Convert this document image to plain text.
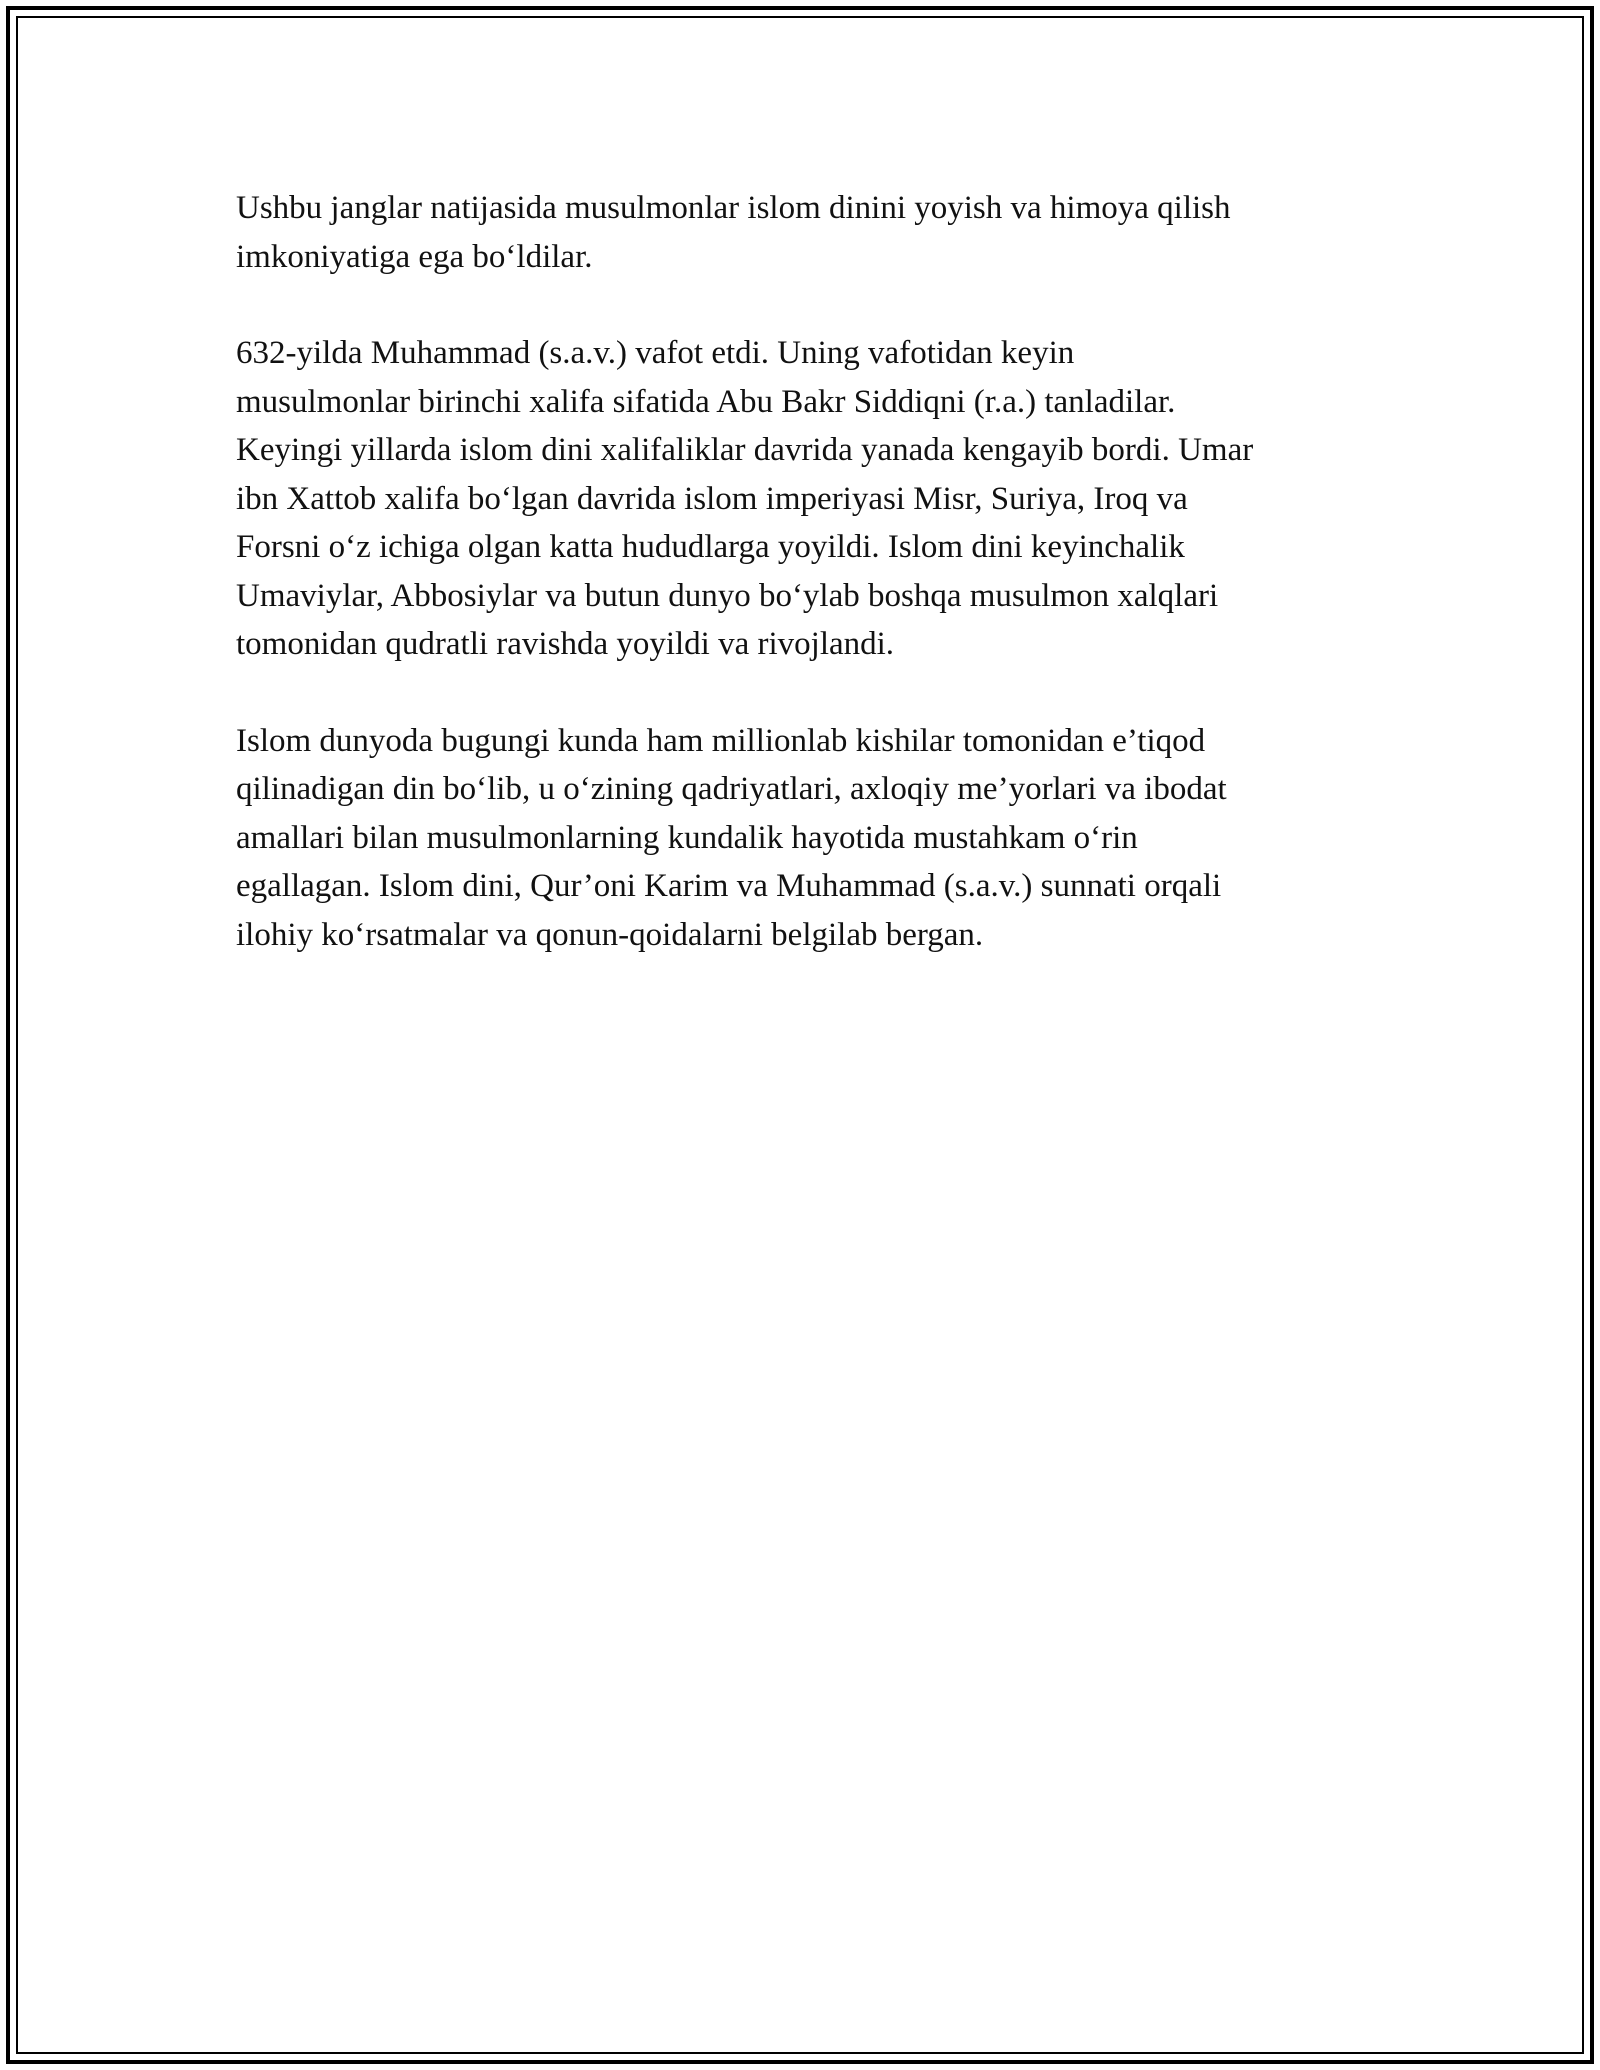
Ushbu janglar natijasida musulmonlar islom dinini yoyish va himoya qilish
imkoniyatiga ega bo‘ldilar.

632-yilda Muhammad (s.a.v.) vafot etdi. Uning vafotidan keyin
musulmonlar birinchi xalifa sifatida Abu Bakr Siddiqni (r.a.) tanladilar.
Keyingi yillarda islom dini xalifaliklar davrida yanada kengayib bordi. Umar
ibn Xattob xalifa bo‘lgan davrida islom imperiyasi Misr, Suriya, Iroq va
Forsni o‘z ichiga olgan katta hududlarga yoyildi. Islom dini keyinchalik
Umaviylar, Abbosiylar va butun dunyo bo‘ylab boshqa musulmon xalqlari
tomonidan qudratli ravishda yoyildi va rivojlandi.

Islom dunyoda bugungi kunda ham millionlab kishilar tomonidan e’tiqod
qilinadigan din bo‘lib, u o‘zining qadriyatlari, axloqiy me’yorlari va ibodat
amallari bilan musulmonlarning kundalik hayotida mustahkam o‘rin
egallagan. Islom dini, Qur’oni Karim va Muhammad (s.a.v.) sunnati orqali
ilohiy ko‘rsatmalar va qonun-qoidalarni belgilab bergan.
